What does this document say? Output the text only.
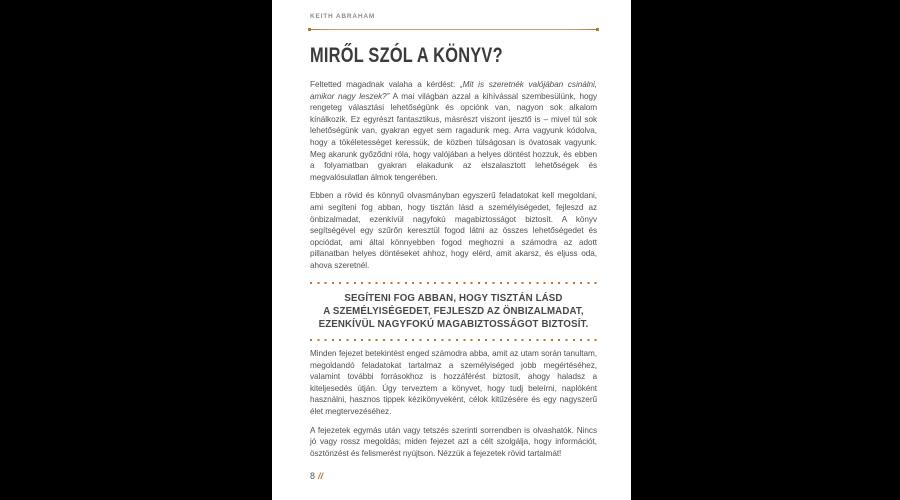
KEITH ABRAHAM
MIRŐL SZÓL A KÖNYV?

Feltetted magadnak valaha a kérdést: „Mit is szeretnék valójában csinálni, amikor nagy leszek?” A mai világban azzal a kihívással szembesülünk, hogy rengeteg választási lehetőségünk és opciónk van, nagyon sok alkalom kínálkozik. Ez egyrészt fantasztikus, másrészt viszont ijesztő is – mivel túl sok lehetőségünk van, gyakran egyet sem ragadunk meg. Arra vagyunk kódolva, hogy a tökéletességet keressük, de közben túlságosan is óvatosak vagyunk. Meg akarunk győződni róla, hogy valójában a helyes döntést hozzuk, és ebben a folyamatban gyakran elakadunk az elszalasztott lehetőségek és megvalósulatlan álmok tengerében.

Ebben a rövid és könnyű olvasmányban egyszerű feladatokat kell megoldani, ami segíteni fog abban, hogy tisztán lásd a személyiségedet, fejleszd az önbizalmadat, ezenkívül nagyfokú magabiztosságot biztosít. A könyv segítségével egy szűrőn keresztül fogod látni az összes lehetőségedet és opciódat, ami által könnyebben fogod meghozni a számodra az adott pillanatban helyes döntéseket ahhoz, hogy elérd, amit akarsz, és eljuss oda, ahova szeretnél.

SEGÍTENI FOG ABBAN, HOGY TISZTÁN LÁSD
A SZEMÉLYISÉGEDET, FEJLESZD AZ ÖNBIZALMADAT,
EZENKÍVÜL NAGYFOKÚ MAGABIZTOSSÁGOT BIZTOSÍT.

Minden fejezet betekintést enged számodra abba, amit az utam során tanultam, megoldandó feladatokat tartalmaz a személyiséged jobb megértéséhez, valamint további forrásokhoz is hozzáférést biztosít, ahogy haladsz a kiteljesedés útján. Úgy terveztem a könyvet, hogy tudj beleírni, naplóként használni, hasznos tippek kézikönyveként, célok kitűzésére és egy nagyszerű élet megtervezéséhez.

A fejezetek egymás után vagy tetszés szerinti sorrendben is olvashatók. Nincs jó vagy rossz megoldás; miden fejezet azt a célt szolgálja, hogy információt, ösztönzést és felismerést nyújtson. Nézzük a fejezetek rövid tartalmát!

8 //
